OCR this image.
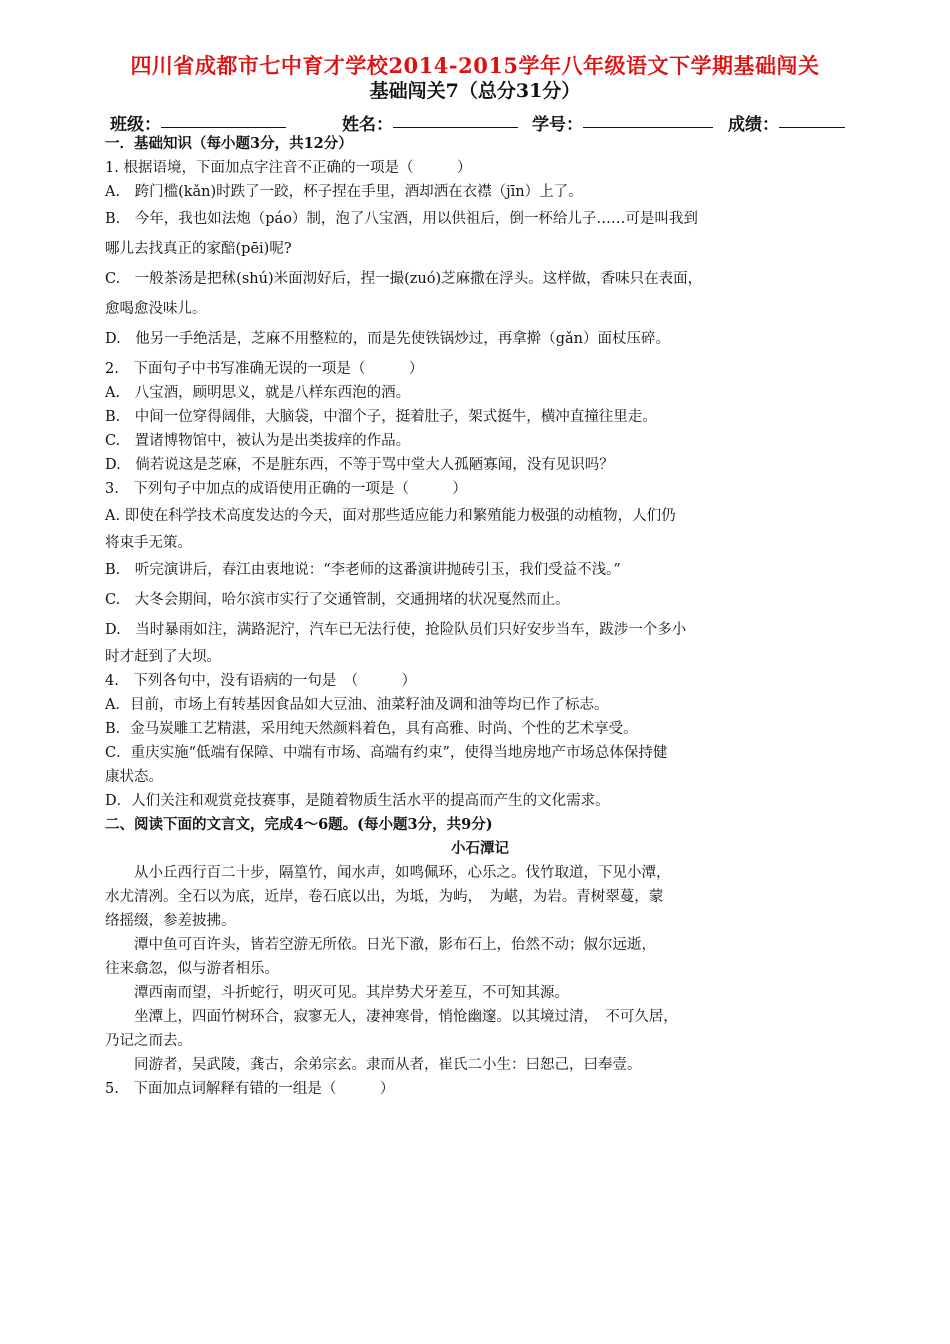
四川省成都市七中育才学校2014-2015学年八年级语文下学期基础闯关
基础闯关7（总分31分）
班级：	姓名：	学号：	成绩：

一．基础知识（每小题3分，共12分）

1. 根据语境，下面加点字注音不正确的一项是（　　　）

A.　跨门槛(kǎn)时跌了一跤，杯子捏在手里，酒却洒在衣襟（jīn）上了。

B.　今年，我也如法炮（páo）制，泡了八宝酒，用以供祖后，倒一杯给儿子……可是叫我到

哪儿去找真正的家醅(pēi)呢?

C.　一般茶汤是把秫(shú)米面沏好后，捏一撮(zuó)芝麻撒在浮头。这样做，香味只在表面，

愈喝愈没味儿。

D.　他另一手绝活是，芝麻不用整粒的，而是先使铁锅炒过，再拿擀（gǎn）面杖压碎。

2.　下面句子中书写准确无误的一项是（　　　）

A.　八宝酒，顾明思义，就是八样东西泡的酒。

B.　中间一位穿得阔俳，大脑袋，中溜个子，挺着肚子，架式挺牛，横冲直撞往里走。

C.　置诸博物馆中，被认为是出类拔痒的作品。

D.　倘若说这是芝麻，不是脏东西，不等于骂中堂大人孤陋寡闻，没有见识吗？

3.　下列句子中加点的成语使用正确的一项是（　　　）

A. 即使在科学技术高度发达的今天，面对那些适应能力和繁殖能力极强的动植物，人们仍

将束手无策。

B.　听完演讲后，春江由衷地说：“李老师的这番演讲抛砖引玉，我们受益不浅。”

C.　大冬会期间，哈尔滨市实行了交通管制，交通拥堵的状况戛然而止。

D.　当时暴雨如注，满路泥泞，汽车已无法行使，抢险队员们只好安步当车，跋涉一个多小

时才赶到了大坝。

4.　下列各句中，没有语病的一句是　（　　　）

A．目前，市场上有转基因食品如大豆油、油菜籽油及调和油等均已作了标志。

B．金马炭雕工艺精湛，采用纯天然颜料着色，具有高雅、时尚、个性的艺术享受。

C．重庆实施“低端有保障、中端有市场、高端有约束”，使得当地房地产市场总体保持健

康状态。

D．人们关注和观赏竞技赛事，是随着物质生活水平的提高而产生的文化需求。

二、阅读下面的文言文，完成4～6题。(每小题3分，共9分)

小石潭记

从小丘西行百二十步，隔篁竹，闻水声，如鸣佩环，心乐之。伐竹取道，下见小潭，

水尤清冽。全石以为底，近岸，卷石底以出，为坻，为屿，　为嵁，为岩。青树翠蔓，蒙

络摇缀，参差披拂。

潭中鱼可百许头，皆若空游无所依。日光下澈，影布石上，佁然不动；俶尔远逝，

往来翕忽，似与游者相乐。

潭西南而望，斗折蛇行，明灭可见。其岸势犬牙差互，不可知其源。

坐潭上，四面竹树环合，寂寥无人，凄神寒骨，悄怆幽邃。以其境过清，　不可久居，

乃记之而去。

同游者，吴武陵，龚古，余弟宗玄。隶而从者，崔氏二小生：曰恕己，曰奉壹。

5.　下面加点词解释有错的一组是（　　　）
